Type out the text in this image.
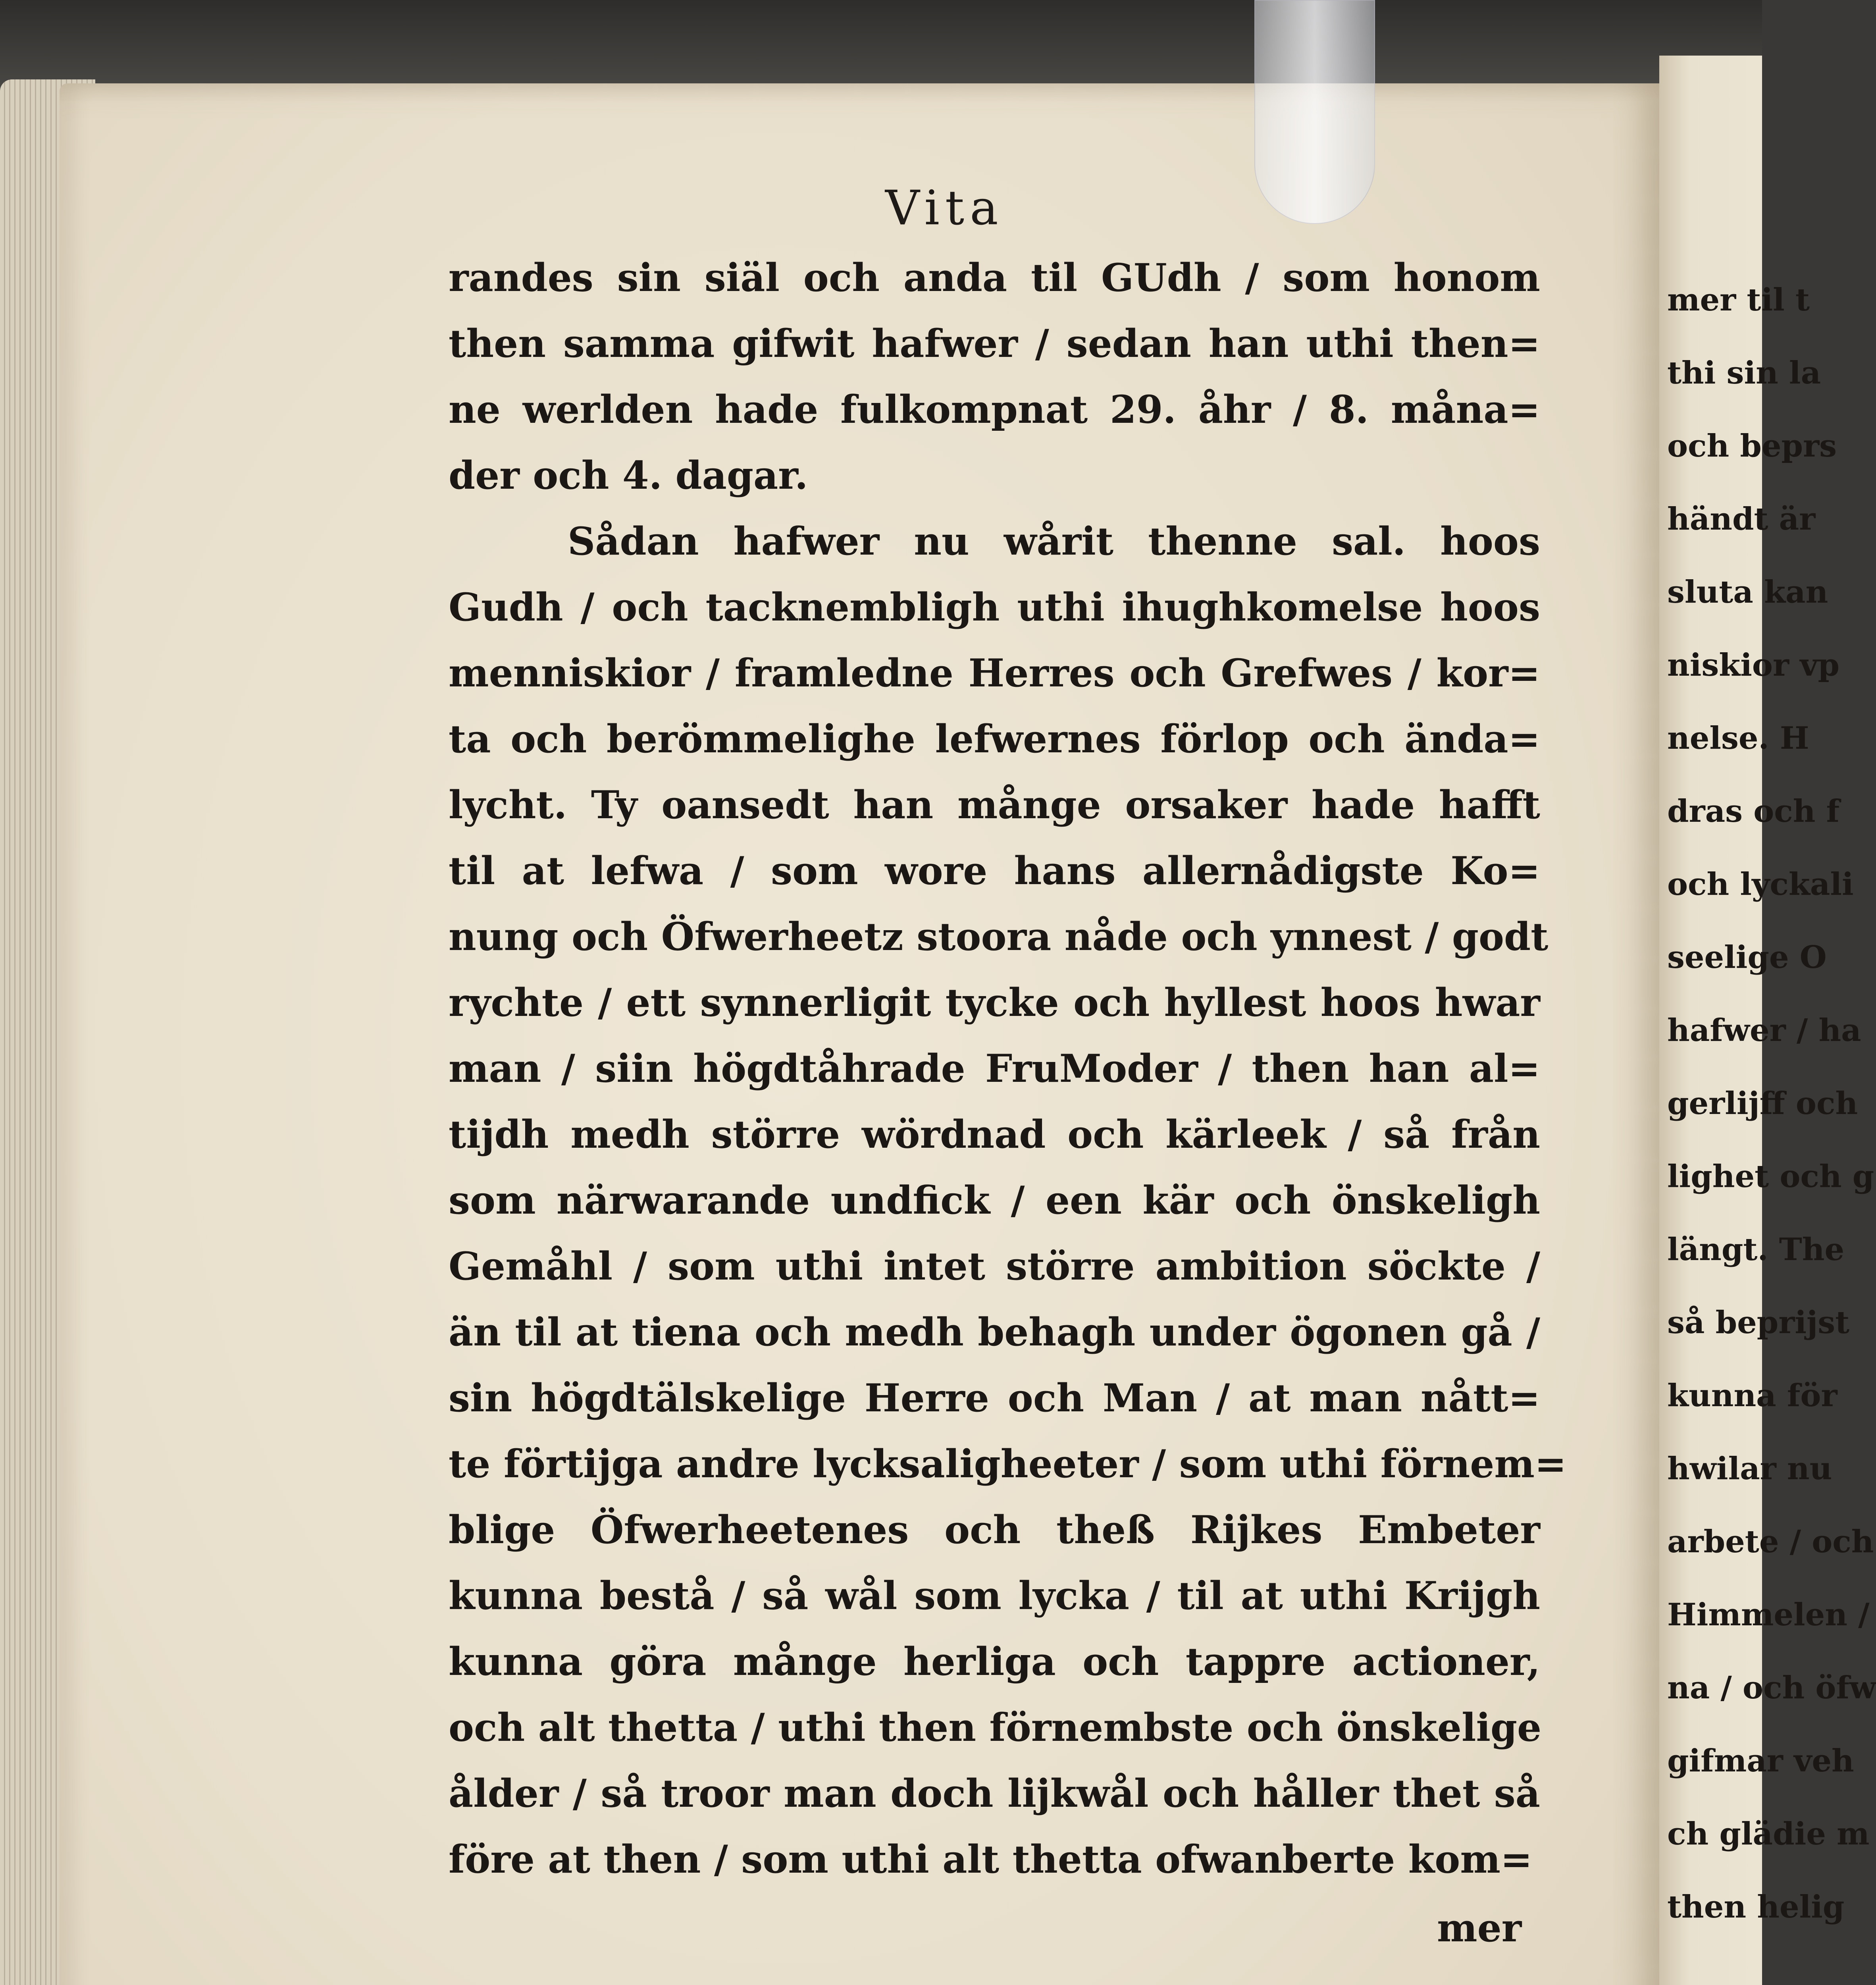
mer til t
thi sin la
och beprs
händt är
sluta kan
niskior vp
nelse. H
dras och f
och lyckali
seelige O
hafwer / ha
gerlijff och
lighet och g
längt. The
så beprijst
kunna för
hwilar nu
arbete / och
Himmelen /
na / och öfw
gifmar veh
ch glädie m
then helig
Vita
randes sin siäl och anda til GUdh / som honom
then samma gifwit hafwer / sedan han uthi then=
ne werlden hade fulkompnat 29. åhr / 8. måna=
der och 4. dagar.
Sådan hafwer nu wårit thenne sal. hoos
Gudh / och tacknembligh uthi ihughkomelse hoos
menniskior / framledne Herres och Grefwes / kor=
ta och berömmelighe lefwernes förlop och ända=
lycht. Ty oansedt han månge orsaker hade hafft
til at lefwa / som wore hans allernådigste Ko=
nung och Öfwerheetz stoora nåde och ynnest / godt
rychte / ett synnerligit tycke och hyllest hoos hwar
man / siin högdtåhrade FruModer / then han al=
tijdh medh större wördnad och kärleek / så från
som närwarande undfick / een kär och önskeligh
Gemåhl / som uthi intet större ambition söckte /
än til at tiena och medh behagh under ögonen gå /
sin högdtälskelige Herre och Man / at man nått=
te förtijga andre lycksaligheeter / som uthi förnem=
blige Öfwerheetenes och theß Rijkes Embeter
kunna bestå / så wål som lycka / til at uthi Krijgh
kunna göra månge herliga och tappre actioner,
och alt thetta / uthi then förnembste och önskelige
ålder / så troor man doch lijkwål och håller thet så
före at then / som uthi alt thetta ofwanberte kom=
mer
